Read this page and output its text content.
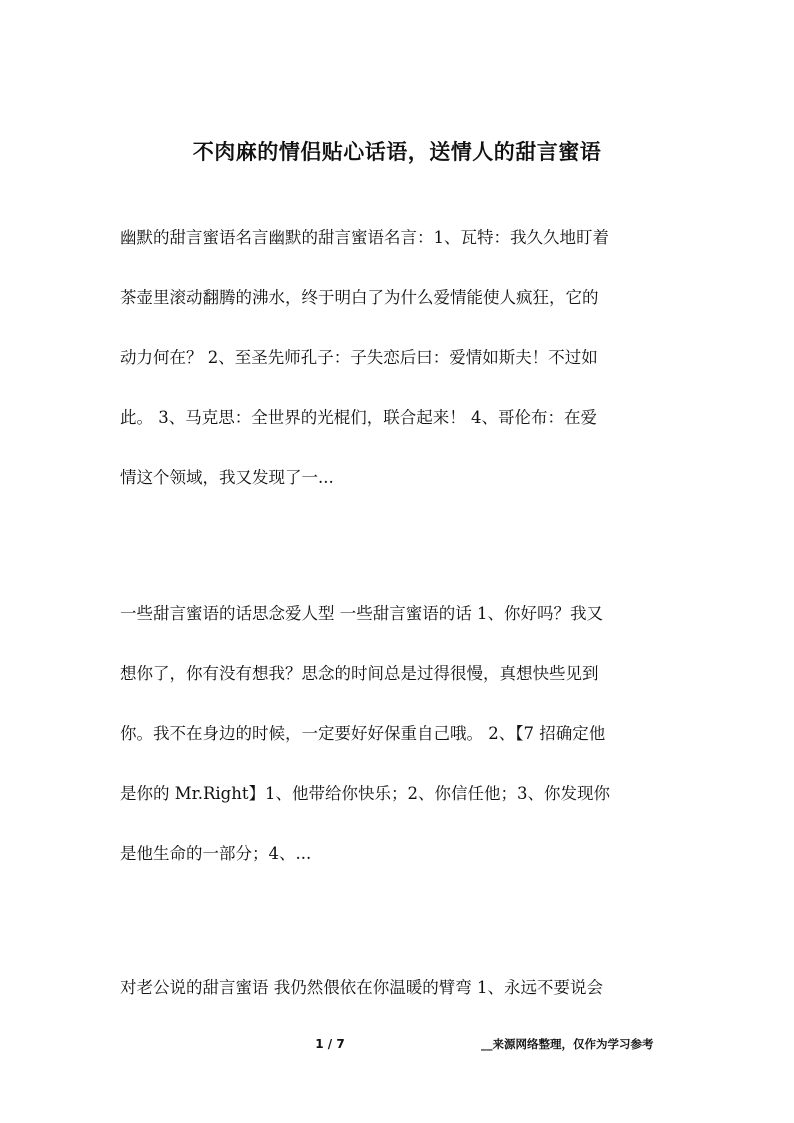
不肉麻的情侣贴心话语，送情人的甜言蜜语

幽默的甜言蜜语名言幽默的甜言蜜语名言：1、瓦特：我久久地盯着
茶壶里滚动翻腾的沸水，终于明白了为什么爱情能使人疯狂，它的
动力何在？ 2、至圣先师孔子：子失恋后曰：爱情如斯夫！不过如
此。 3、马克思：全世界的光棍们，联合起来！ 4、哥伦布：在爱
情这个领域，我又发现了一...

一些甜言蜜语的话思念爱人型 一些甜言蜜语的话 1、你好吗？我又
想你了，你有没有想我？思念的时间总是过得很慢，真想快些见到
你。我不在身边的时候，一定要好好保重自己哦。 2、【7 招确定他
是你的 Mr.Right】1、他带给你快乐；2、你信任他；3、你发现你
是他生命的一部分；4、...

对老公说的甜言蜜语 我仍然偎依在你温暖的臂弯 1、永远不要说会

1 / 7	__来源网络整理，仅作为学习参考
